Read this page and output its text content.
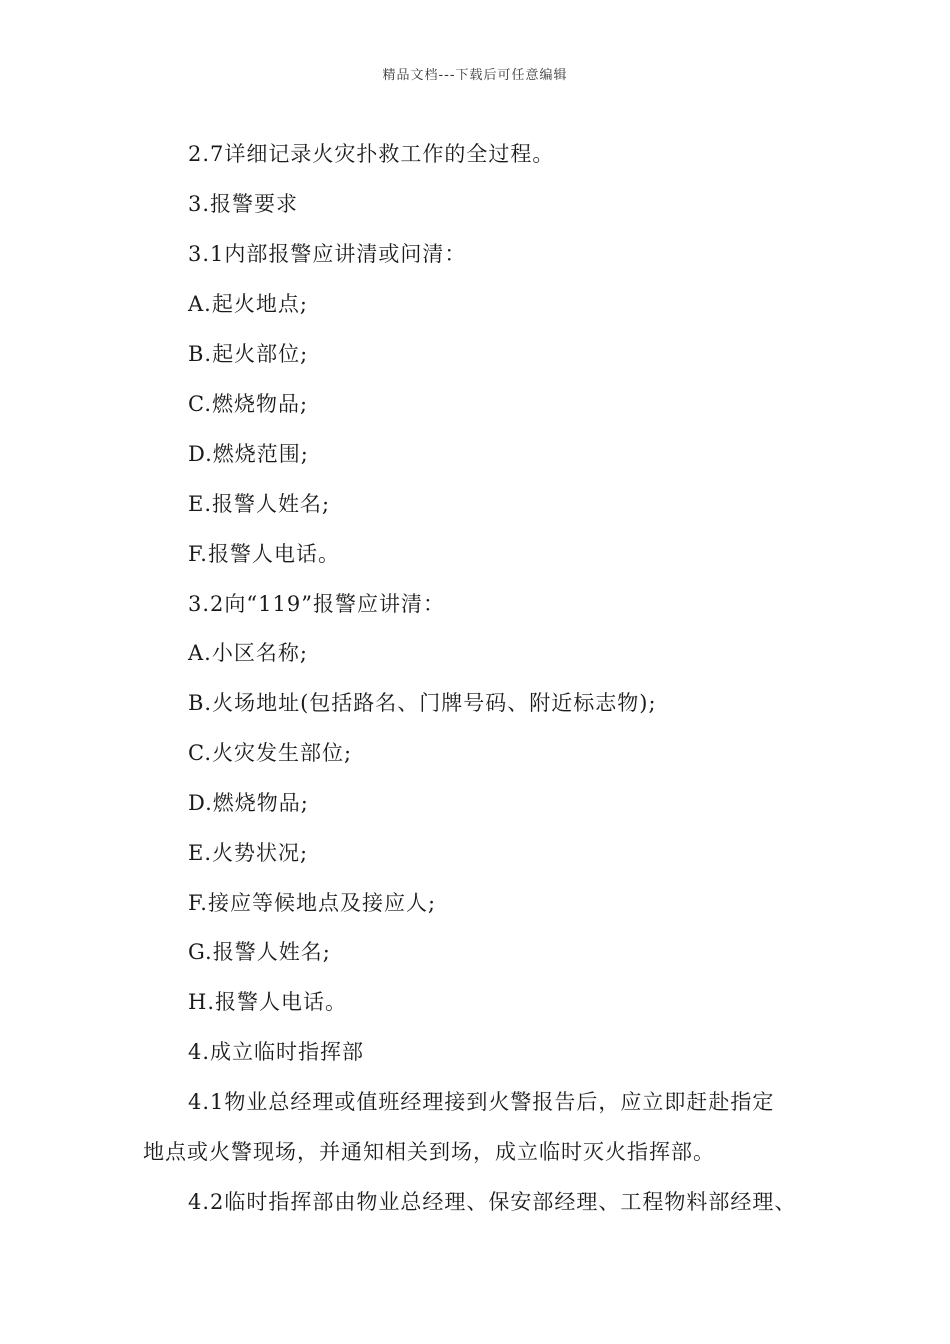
精品文档---下载后可任意编辑
2.7详细记录火灾扑救工作的全过程。
3.报警要求
3.1内部报警应讲清或问清：
A.起火地点;
B.起火部位;
C.燃烧物品;
D.燃烧范围;
E.报警人姓名;
F.报警人电话。
3.2向“119”报警应讲清：
A.小区名称;
B.火场地址(包括路名、门牌号码、附近标志物);
C.火灾发生部位;
D.燃烧物品;
E.火势状况;
F.接应等候地点及接应人;
G.报警人姓名;
H.报警人电话。
4.成立临时指挥部
4.1物业总经理或值班经理接到火警报告后，应立即赶赴指定
地点或火警现场，并通知相关到场，成立临时灭火指挥部。
4.2临时指挥部由物业总经理、保安部经理、工程物料部经理、
